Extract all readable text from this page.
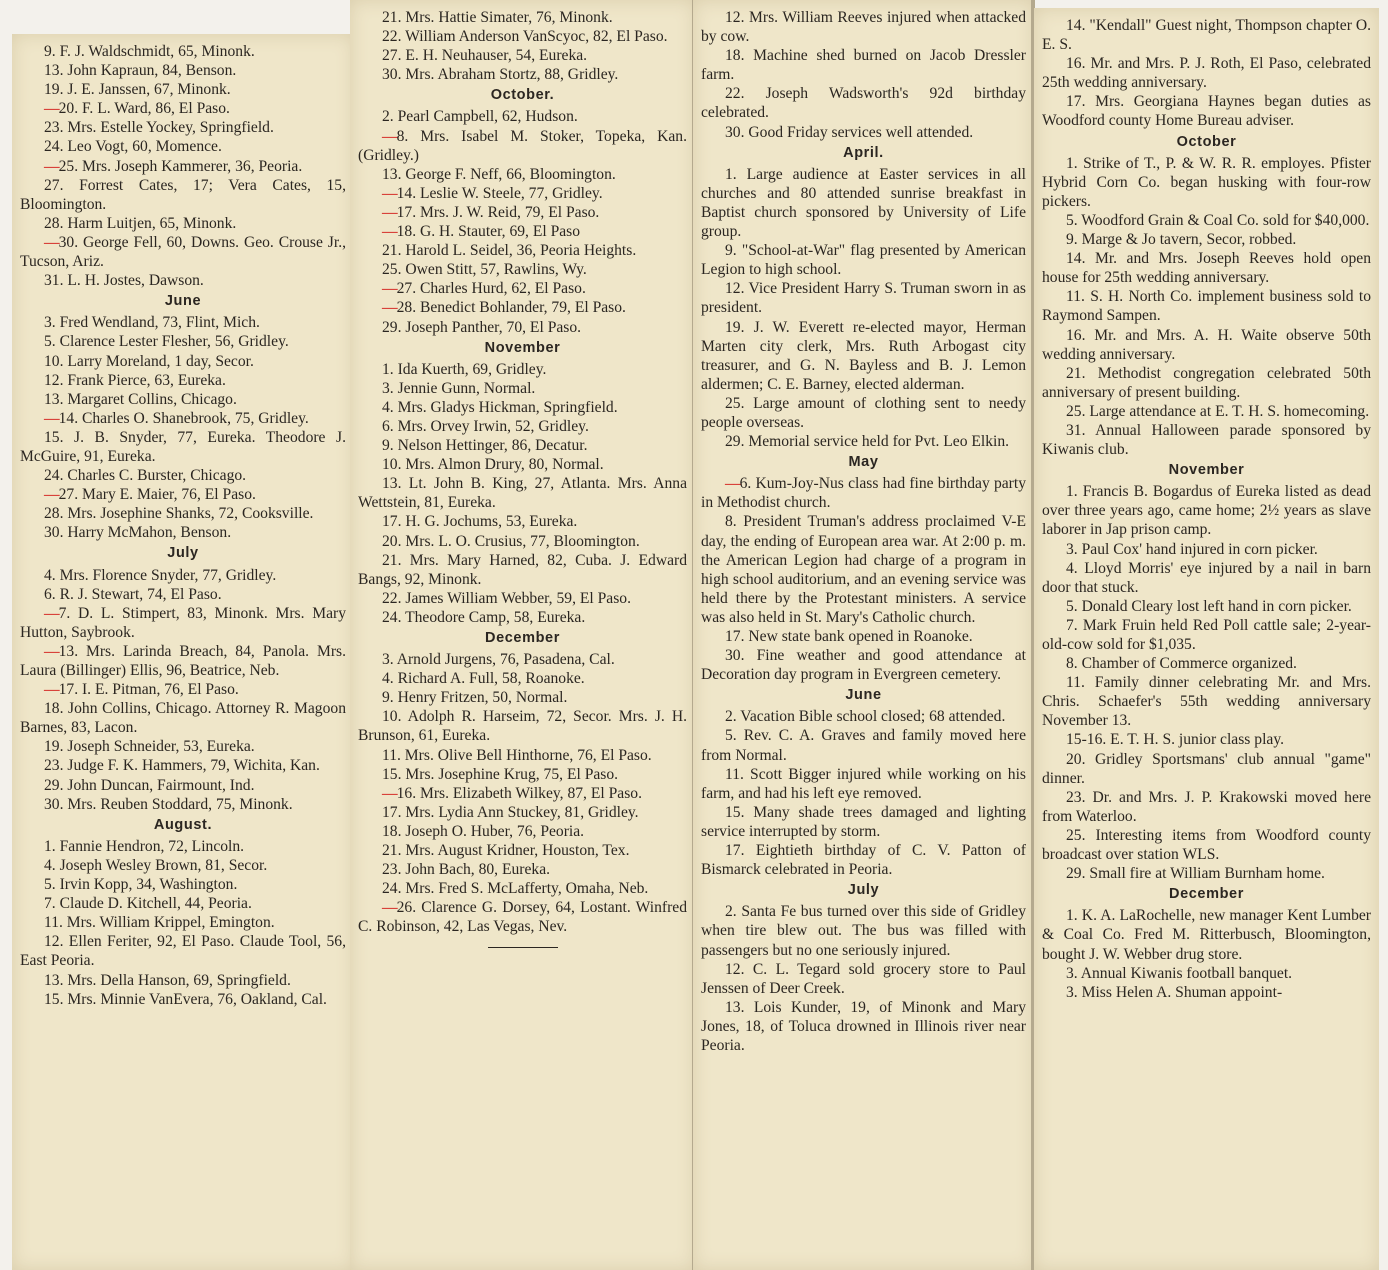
9. F. J. Waldschmidt, 65, Minonk.

13. John Kapraun, 84, Benson.

19. J. E. Janssen, 67, Minonk.

—20. F. L. Ward, 86, El Paso.

23. Mrs. Estelle Yockey, Springfield.

24. Leo Vogt, 60, Momence.

—25. Mrs. Joseph Kammerer, 36, Peoria.

27. Forrest Cates, 17; Vera Cates, 15, Bloomington.

28. Harm Luitjen, 65, Minonk.

—30. George Fell, 60, Downs. Geo. Crouse Jr., Tucson, Ariz.

31. L. H. Jostes, Dawson.

June

3. Fred Wendland, 73, Flint, Mich.

5. Clarence Lester Flesher, 56, Gridley.

10. Larry Moreland, 1 day, Secor.

12. Frank Pierce, 63, Eureka.

13. Margaret Collins, Chicago.

—14. Charles O. Shanebrook, 75, Gridley.

15. J. B. Snyder, 77, Eureka. Theodore J. McGuire, 91, Eureka.

24. Charles C. Burster, Chicago.

—27. Mary E. Maier, 76, El Paso.

28. Mrs. Josephine Shanks, 72, Cooksville.

30. Harry McMahon, Benson.

July

4. Mrs. Florence Snyder, 77, Gridley.

6. R. J. Stewart, 74, El Paso.

—7. D. L. Stimpert, 83, Minonk. Mrs. Mary Hutton, Saybrook.

—13. Mrs. Larinda Breach, 84, Panola. Mrs. Laura (Billinger) Ellis, 96, Beatrice, Neb.

—17. I. E. Pitman, 76, El Paso.

18. John Collins, Chicago. Attorney R. Magoon Barnes, 83, Lacon.

19. Joseph Schneider, 53, Eureka.

23. Judge F. K. Hammers, 79, Wichita, Kan.

29. John Duncan, Fairmount, Ind.

30. Mrs. Reuben Stoddard, 75, Minonk.

August.

1. Fannie Hendron, 72, Lincoln.

4. Joseph Wesley Brown, 81, Secor.

5. Irvin Kopp, 34, Washington.

7. Claude D. Kitchell, 44, Peoria.

11. Mrs. William Krippel, Emington.

12. Ellen Feriter, 92, El Paso. Claude Tool, 56, East Peoria.

13. Mrs. Della Hanson, 69, Springfield.

15. Mrs. Minnie VanEvera, 76, Oakland, Cal.

21. Mrs. Hattie Simater, 76, Minonk.

22. William Anderson VanScyoc, 82, El Paso.

27. E. H. Neuhauser, 54, Eureka.

30. Mrs. Abraham Stortz, 88, Gridley.

October.

2. Pearl Campbell, 62, Hudson.

—8. Mrs. Isabel M. Stoker, Topeka, Kan. (Gridley.)

13. George F. Neff, 66, Bloomington.

—14. Leslie W. Steele, 77, Gridley.

—17. Mrs. J. W. Reid, 79, El Paso.

—18. G. H. Stauter, 69, El Paso

21. Harold L. Seidel, 36, Peoria Heights.

25. Owen Stitt, 57, Rawlins, Wy.

—27. Charles Hurd, 62, El Paso.

—28. Benedict Bohlander, 79, El Paso.

29. Joseph Panther, 70, El Paso.

November

1. Ida Kuerth, 69, Gridley.

3. Jennie Gunn, Normal.

4. Mrs. Gladys Hickman, Springfield.

6. Mrs. Orvey Irwin, 52, Gridley.

9. Nelson Hettinger, 86, Decatur.

10. Mrs. Almon Drury, 80, Normal.

13. Lt. John B. King, 27, Atlanta. Mrs. Anna Wettstein, 81, Eureka.

17. H. G. Jochums, 53, Eureka.

20. Mrs. L. O. Crusius, 77, Bloomington.

21. Mrs. Mary Harned, 82, Cuba. J. Edward Bangs, 92, Minonk.

22. James William Webber, 59, El Paso.

24. Theodore Camp, 58, Eureka.

December

3. Arnold Jurgens, 76, Pasadena, Cal.

4. Richard A. Full, 58, Roanoke.

9. Henry Fritzen, 50, Normal.

10. Adolph R. Harseim, 72, Secor. Mrs. J. H. Brunson, 61, Eureka.

11. Mrs. Olive Bell Hinthorne, 76, El Paso.

15. Mrs. Josephine Krug, 75, El Paso.

—16. Mrs. Elizabeth Wilkey, 87, El Paso.

17. Mrs. Lydia Ann Stuckey, 81, Gridley.

18. Joseph O. Huber, 76, Peoria.

21. Mrs. August Kridner, Houston, Tex.

23. John Bach, 80, Eureka.

24. Mrs. Fred S. McLafferty, Omaha, Neb.

—26. Clarence G. Dorsey, 64, Lostant. Winfred C. Robinson, 42, Las Vegas, Nev.

12. Mrs. William Reeves injured when attacked by cow.

18. Machine shed burned on Jacob Dressler farm.

22. Joseph Wadsworth's 92d birthday celebrated.

30. Good Friday services well attended.

April.

1. Large audience at Easter services in all churches and 80 attended sunrise breakfast in Baptist church sponsored by University of Life group.

9. "School-at-War" flag presented by American Legion to high school.

12. Vice President Harry S. Truman sworn in as president.

19. J. W. Everett re-elected mayor, Herman Marten city clerk, Mrs. Ruth Arbogast city treasurer, and G. N. Bayless and B. J. Lemon aldermen; C. E. Barney, elected alderman.

25. Large amount of clothing sent to needy people overseas.

29. Memorial service held for Pvt. Leo Elkin.

May

—6. Kum-Joy-Nus class had fine birthday party in Methodist church.

8. President Truman's address proclaimed V-E day, the ending of European area war. At 2:00 p. m. the American Legion had charge of a program in high school auditorium, and an evening service was held there by the Protestant ministers. A service was also held in St. Mary's Catholic church.

17. New state bank opened in Roanoke.

30. Fine weather and good attendance at Decoration day program in Evergreen cemetery.

June

2. Vacation Bible school closed; 68 attended.

5. Rev. C. A. Graves and family moved here from Normal.

11. Scott Bigger injured while working on his farm, and had his left eye removed.

15. Many shade trees damaged and lighting service interrupted by storm.

17. Eightieth birthday of C. V. Patton of Bismarck celebrated in Peoria.

July

2. Santa Fe bus turned over this side of Gridley when tire blew out. The bus was filled with passengers but no one seriously injured.

12. C. L. Tegard sold grocery store to Paul Jenssen of Deer Creek.

13. Lois Kunder, 19, of Minonk and Mary Jones, 18, of Toluca drowned in Illinois river near Peoria.

14. "Kendall" Guest night, Thompson chapter O. E. S.

16. Mr. and Mrs. P. J. Roth, El Paso, celebrated 25th wedding anniversary.

17. Mrs. Georgiana Haynes began duties as Woodford county Home Bureau adviser.

October

1. Strike of T., P. & W. R. R. employes. Pfister Hybrid Corn Co. began husking with four-row pickers.

5. Woodford Grain & Coal Co. sold for $40,000.

9. Marge & Jo tavern, Secor, robbed.

14. Mr. and Mrs. Joseph Reeves hold open house for 25th wedding anniversary.

11. S. H. North Co. implement business sold to Raymond Sampen.

16. Mr. and Mrs. A. H. Waite observe 50th wedding anniversary.

21. Methodist congregation celebrated 50th anniversary of present building.

25. Large attendance at E. T. H. S. homecoming.

31. Annual Halloween parade sponsored by Kiwanis club.

November

1. Francis B. Bogardus of Eureka listed as dead over three years ago, came home; 2½ years as slave laborer in Jap prison camp.

3. Paul Cox' hand injured in corn picker.

4. Lloyd Morris' eye injured by a nail in barn door that stuck.

5. Donald Cleary lost left hand in corn picker.

7. Mark Fruin held Red Poll cattle sale; 2-year-old-cow sold for $1,035.

8. Chamber of Commerce organized.

11. Family dinner celebrating Mr. and Mrs. Chris. Schaefer's 55th wedding anniversary November 13.

15-16. E. T. H. S. junior class play.

20. Gridley Sportsmans' club annual "game" dinner.

23. Dr. and Mrs. J. P. Krakowski moved here from Waterloo.

25. Interesting items from Woodford county broadcast over station WLS.

29. Small fire at William Burnham home.

December

1. K. A. LaRochelle, new manager Kent Lumber & Coal Co. Fred M. Ritterbusch, Bloomington, bought J. W. Webber drug store.

3. Annual Kiwanis football banquet.

3. Miss Helen A. Shuman appoint-
